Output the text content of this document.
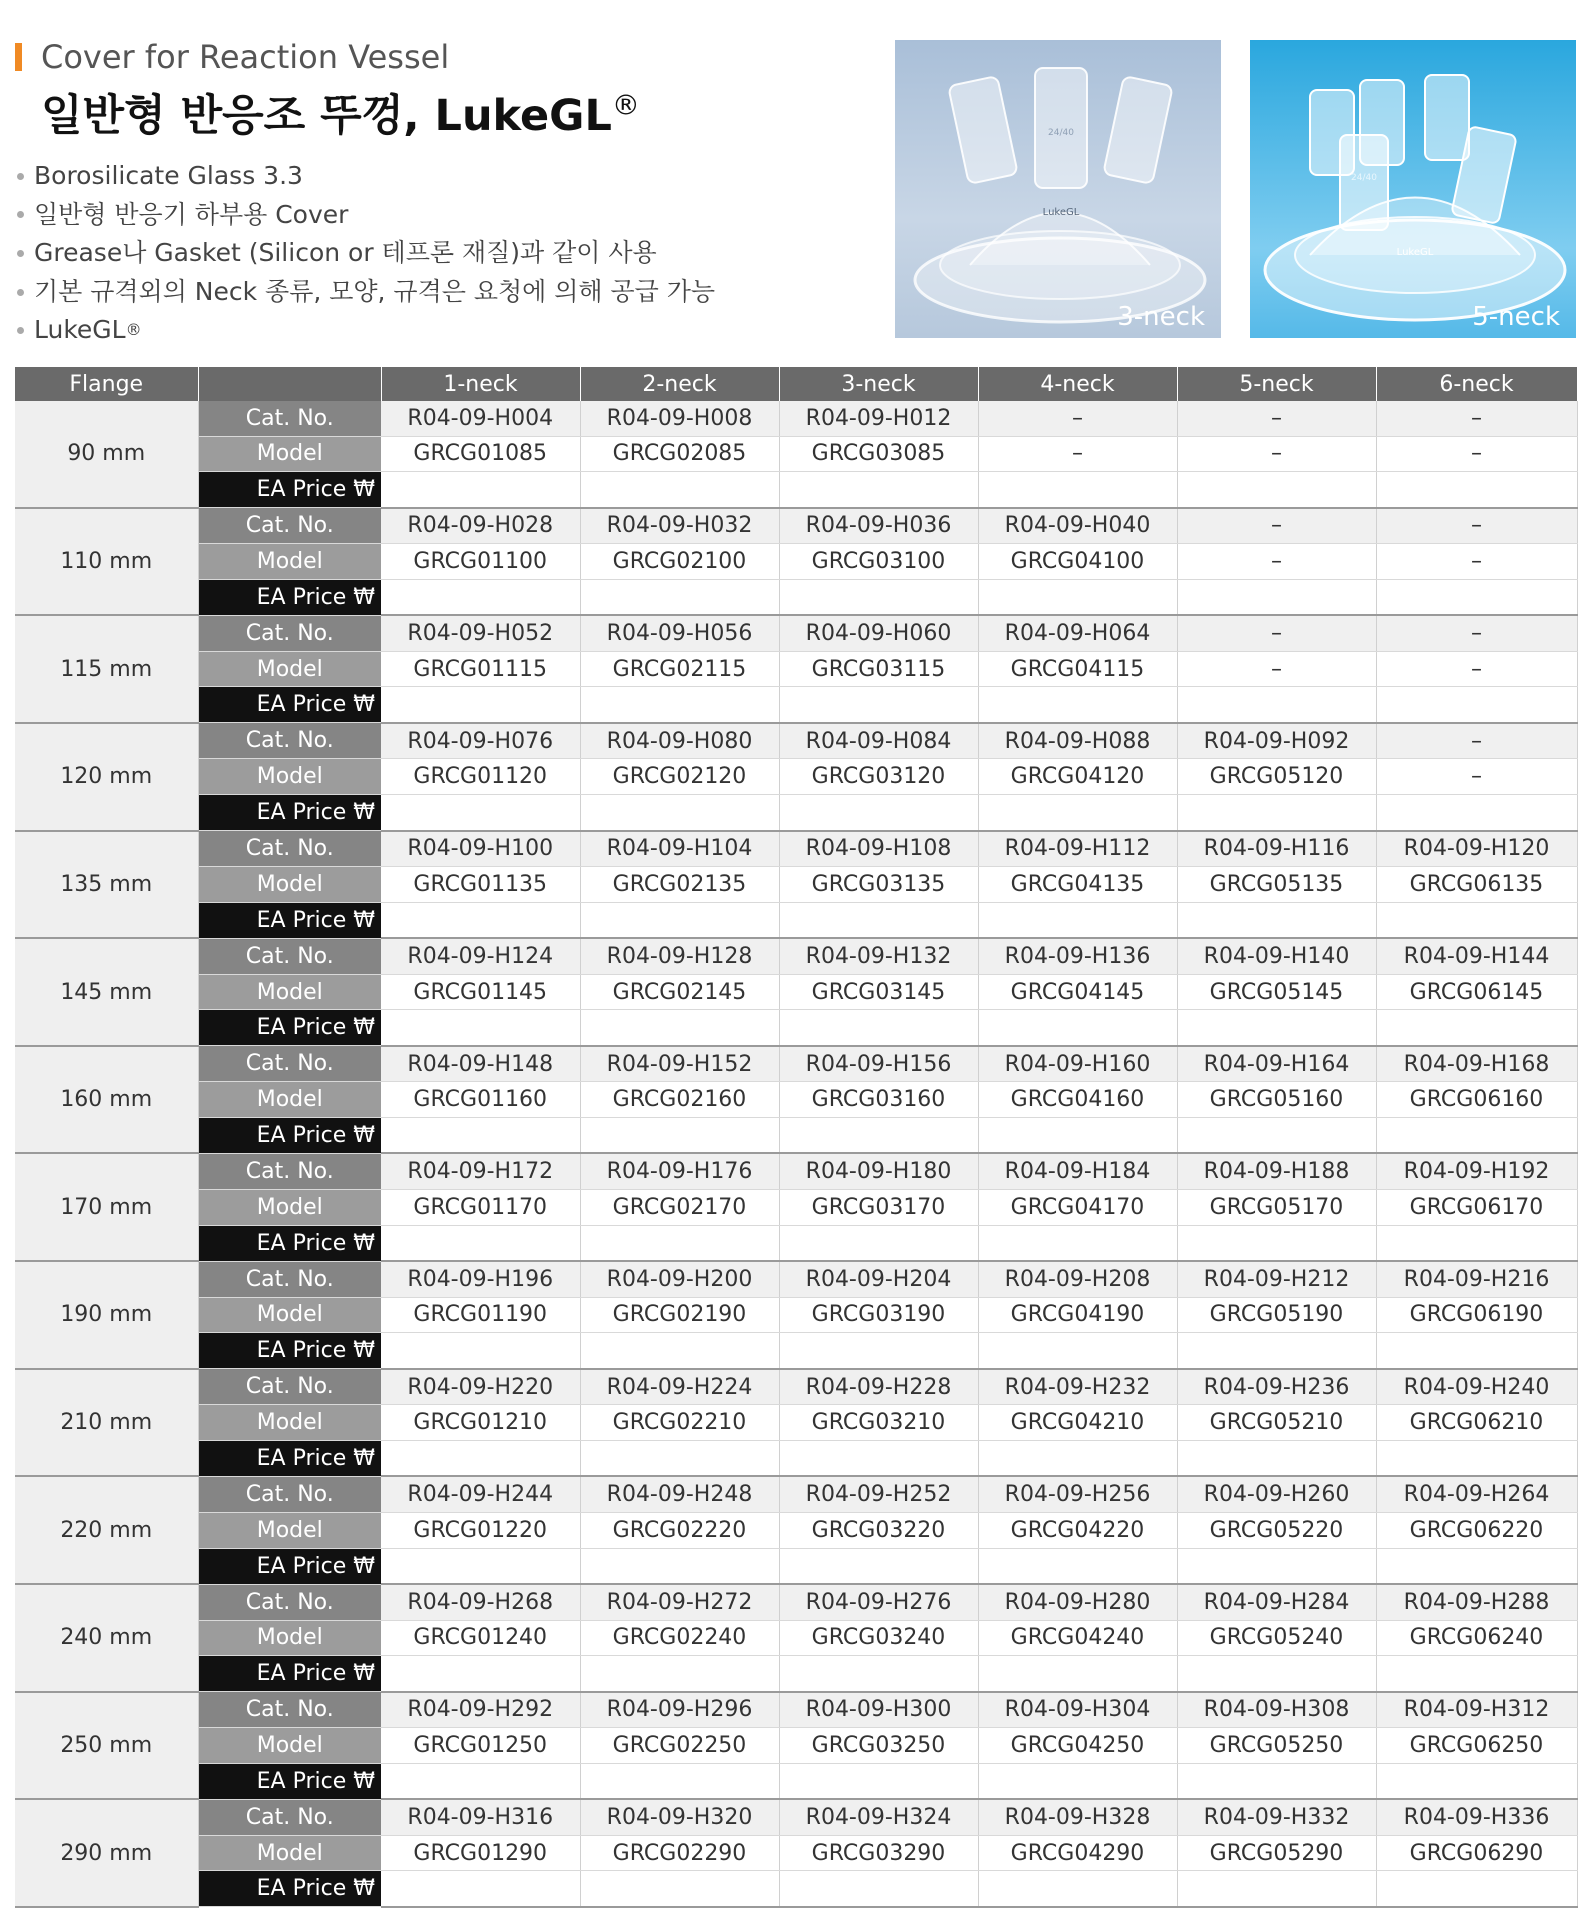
Cover for Reaction Vessel
일반형 반응조 뚜껑, LukeGL®
Borosilicate Glass 3.3
일반형 반응기 하부용 Cover
Grease나 Gasket (Silicon or 테프론 재질)과 같이 사용
기본 규격외의 Neck 종류, 모양, 규격은 요청에 의해 공급 가능
LukeGL ®
LukeGL
24/40
3-neck
LukeGL
24/40
5-neck
Flange		1-neck	2-neck	3-neck	4-neck	5-neck	6-neck
90 mm	Cat. No.	R04-09-H004	R04-09-H008	R04-09-H012	–	–	–
	Model	GRCG01085	GRCG02085	GRCG03085	–	–	–
	EA Price ₩						
110 mm	Cat. No.	R04-09-H028	R04-09-H032	R04-09-H036	R04-09-H040	–	–
	Model	GRCG01100	GRCG02100	GRCG03100	GRCG04100	–	–
	EA Price ₩						
115 mm	Cat. No.	R04-09-H052	R04-09-H056	R04-09-H060	R04-09-H064	–	–
	Model	GRCG01115	GRCG02115	GRCG03115	GRCG04115	–	–
	EA Price ₩						
120 mm	Cat. No.	R04-09-H076	R04-09-H080	R04-09-H084	R04-09-H088	R04-09-H092	–
	Model	GRCG01120	GRCG02120	GRCG03120	GRCG04120	GRCG05120	–
	EA Price ₩						
135 mm	Cat. No.	R04-09-H100	R04-09-H104	R04-09-H108	R04-09-H112	R04-09-H116	R04-09-H120
	Model	GRCG01135	GRCG02135	GRCG03135	GRCG04135	GRCG05135	GRCG06135
	EA Price ₩						
145 mm	Cat. No.	R04-09-H124	R04-09-H128	R04-09-H132	R04-09-H136	R04-09-H140	R04-09-H144
	Model	GRCG01145	GRCG02145	GRCG03145	GRCG04145	GRCG05145	GRCG06145
	EA Price ₩						
160 mm	Cat. No.	R04-09-H148	R04-09-H152	R04-09-H156	R04-09-H160	R04-09-H164	R04-09-H168
	Model	GRCG01160	GRCG02160	GRCG03160	GRCG04160	GRCG05160	GRCG06160
	EA Price ₩						
170 mm	Cat. No.	R04-09-H172	R04-09-H176	R04-09-H180	R04-09-H184	R04-09-H188	R04-09-H192
	Model	GRCG01170	GRCG02170	GRCG03170	GRCG04170	GRCG05170	GRCG06170
	EA Price ₩						
190 mm	Cat. No.	R04-09-H196	R04-09-H200	R04-09-H204	R04-09-H208	R04-09-H212	R04-09-H216
	Model	GRCG01190	GRCG02190	GRCG03190	GRCG04190	GRCG05190	GRCG06190
	EA Price ₩						
210 mm	Cat. No.	R04-09-H220	R04-09-H224	R04-09-H228	R04-09-H232	R04-09-H236	R04-09-H240
	Model	GRCG01210	GRCG02210	GRCG03210	GRCG04210	GRCG05210	GRCG06210
	EA Price ₩						
220 mm	Cat. No.	R04-09-H244	R04-09-H248	R04-09-H252	R04-09-H256	R04-09-H260	R04-09-H264
	Model	GRCG01220	GRCG02220	GRCG03220	GRCG04220	GRCG05220	GRCG06220
	EA Price ₩						
240 mm	Cat. No.	R04-09-H268	R04-09-H272	R04-09-H276	R04-09-H280	R04-09-H284	R04-09-H288
	Model	GRCG01240	GRCG02240	GRCG03240	GRCG04240	GRCG05240	GRCG06240
	EA Price ₩						
250 mm	Cat. No.	R04-09-H292	R04-09-H296	R04-09-H300	R04-09-H304	R04-09-H308	R04-09-H312
	Model	GRCG01250	GRCG02250	GRCG03250	GRCG04250	GRCG05250	GRCG06250
	EA Price ₩						
290 mm	Cat. No.	R04-09-H316	R04-09-H320	R04-09-H324	R04-09-H328	R04-09-H332	R04-09-H336
	Model	GRCG01290	GRCG02290	GRCG03290	GRCG04290	GRCG05290	GRCG06290
	EA Price ₩						
